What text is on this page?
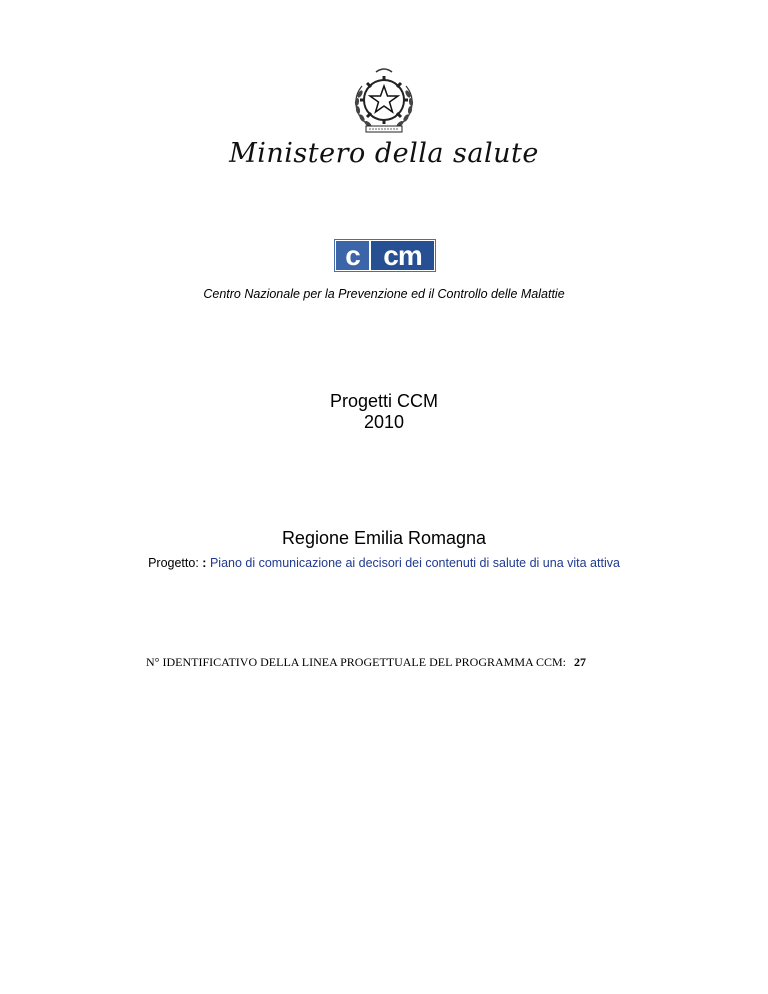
Ministero della salute
c cm
Centro Nazionale per la Prevenzione ed il Controllo delle Malattie
Progetti CCM
2010
Regione Emilia Romagna
Progetto: : Piano di comunicazione ai decisori dei contenuti di salute di una vita attiva
N° IDENTIFICATIVO DELLA LINEA PROGETTUALE DEL PROGRAMMA CCM: 27
